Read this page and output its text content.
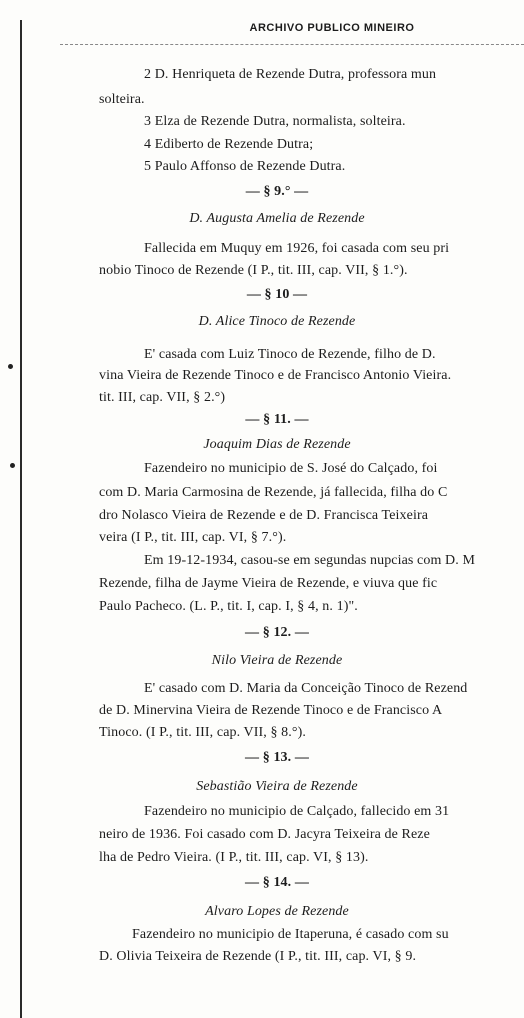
ARCHIVO PUBLICO MINEIRO
2 D. Henriqueta de Rezende Dutra, professora mun
solteira.
3 Elza de Rezende Dutra, normalista, solteira.
4 Ediberto de Rezende Dutra;
5 Paulo Affonso de Rezende Dutra.
— § 9.° —
D. Augusta Amelia de Rezende
Fallecida em Muquy em 1926, foi casada com seu pri
nobio Tinoco de Rezende (I P., tit. III, cap. VII, § 1.°).
— § 10 —
D. Alice Tinoco de Rezende
E' casada com Luiz Tinoco de Rezende, filho de D.
vina Vieira de Rezende Tinoco e de Francisco Antonio Vieira.
tit. III, cap. VII, § 2.°)
— § 11. —
Joaquim Dias de Rezende
Fazendeiro no municipio de S. José do Calçado, foi
com D. Maria Carmosina de Rezende, já fallecida, filha do C
dro Nolasco Vieira de Rezende e de D. Francisca Teixeira
veira (I P., tit. III, cap. VI, § 7.°).
Em 19-12-1934, casou-se em segundas nupcias com D. M
Rezende, filha de Jayme Vieira de Rezende, e viuva que fic
Paulo Pacheco. (L. P., tit. I, cap. I, § 4, n. 1)".
— § 12. —
Nilo Vieira de Rezende
E' casado com D. Maria da Conceição Tinoco de Rezend
de D. Minervina Vieira de Rezende Tinoco e de Francisco A
Tinoco. (I P., tit. III, cap. VII, § 8.°).
— § 13. —
Sebastião Vieira de Rezende
Fazendeiro no municipio de Calçado, fallecido em 31
neiro de 1936. Foi casado com D. Jacyra Teixeira de Reze
lha de Pedro Vieira. (I P., tit. III, cap. VI, § 13).
— § 14. —
Alvaro Lopes de Rezende
Fazendeiro no municipio de Itaperuna, é casado com su
D. Olivia Teixeira de Rezende (I P., tit. III, cap. VI, § 9.
